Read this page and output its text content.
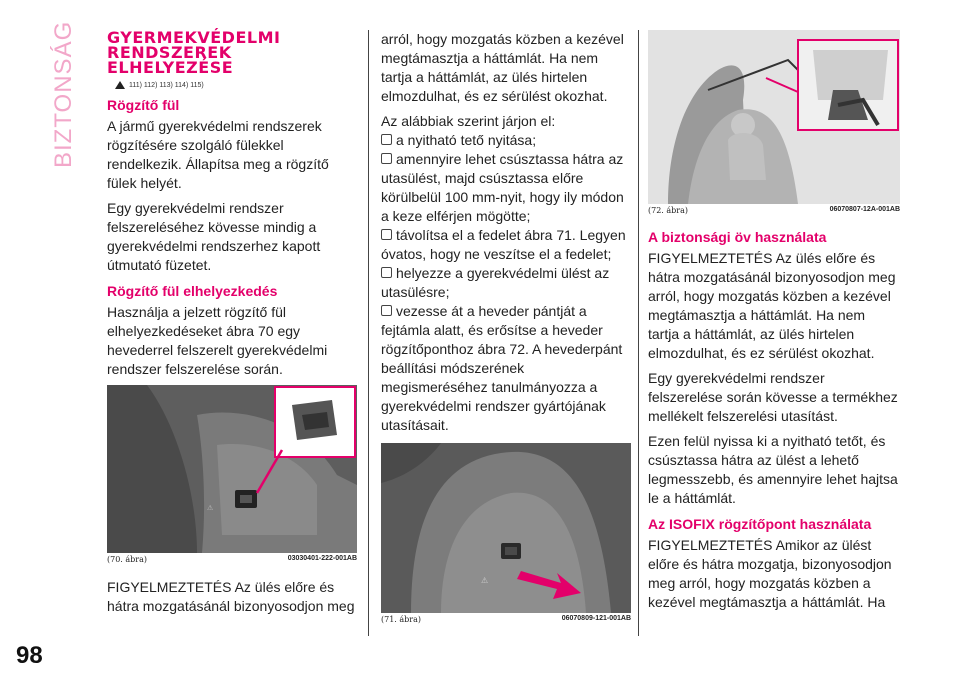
BIZTONSÁG
98
GYERMEKVÉDELMI RENDSZEREK ELHELYEZÉSE
111) 112) 113) 114) 115)
Rögzítő fül

A jármű gyerekvédelmi rendszerek rögzítésére szolgáló fülekkel rendelkezik. Állapítsa meg a rögzítő fülek helyét.

Egy gyerekvédelmi rendszer felszereléséhez kövesse mindig a gyerekvédelmi rendszerhez kapott útmutató füzetet.

Rögzítő fül elhelyezkedés

Használja a jelzett rögzítő fül elhelyezkedéseket ábra 70 egy hevederrel felszerelt gyerekvédelmi rendszer felszerelése során.

⚠
(70. ábra)	03030401-222-001AB

FIGYELMEZTETÉS Az ülés előre és hátra mozgatásánál bizonyosodjon meg

arról, hogy mozgatás közben a kezével megtámasztja a háttámlát. Ha nem tartja a háttámlát, az ülés hirtelen elmozdulhat, és ez sérülést okozhat.

Az alábbiak szerint járjon el:

a nyitható tető nyitása;

amennyire lehet csúsztassa hátra az utasülést, majd csúsztassa előre körülbelül 100 mm-nyit, hogy ily módon a keze elférjen mögötte;

távolítsa el a fedelet ábra 71. Legyen óvatos, hogy ne veszítse el a fedelet;

helyezze a gyerekvédelmi ülést az utasülésre;

vezesse át a heveder pántját a fejtámla alatt, és erősítse a heveder rögzítőponthoz ábra 72. A hevederpánt beállítási módszerének megismeréséhez tanulmányozza a gyerekvédelmi rendszer gyártójának utasításait.

⚠
(71. ábra)	06070809-121-001AB
(72. ábra)	06070807-12A-001AB
A biztonsági öv használata

FIGYELMEZTETÉS Az ülés előre és hátra mozgatásánál bizonyosodjon meg arról, hogy mozgatás közben a kezével megtámasztja a háttámlát. Ha nem tartja a háttámlát, az ülés hirtelen elmozdulhat, és ez sérülést okozhat.

Egy gyerekvédelmi rendszer felszerelése során kövesse a termékhez mellékelt felszerelési utasítást.

Ezen felül nyissa ki a nyitható tetőt, és csúsztassa hátra az ülést a lehető legmesszebb, és amennyire lehet hajtsa le a háttámlát.

Az ISOFIX rögzítőpont használata

FIGYELMEZTETÉS Amikor az ülést előre és hátra mozgatja, bizonyosodjon meg arról, hogy mozgatás közben a kezével megtámasztja a háttámlát. Ha
